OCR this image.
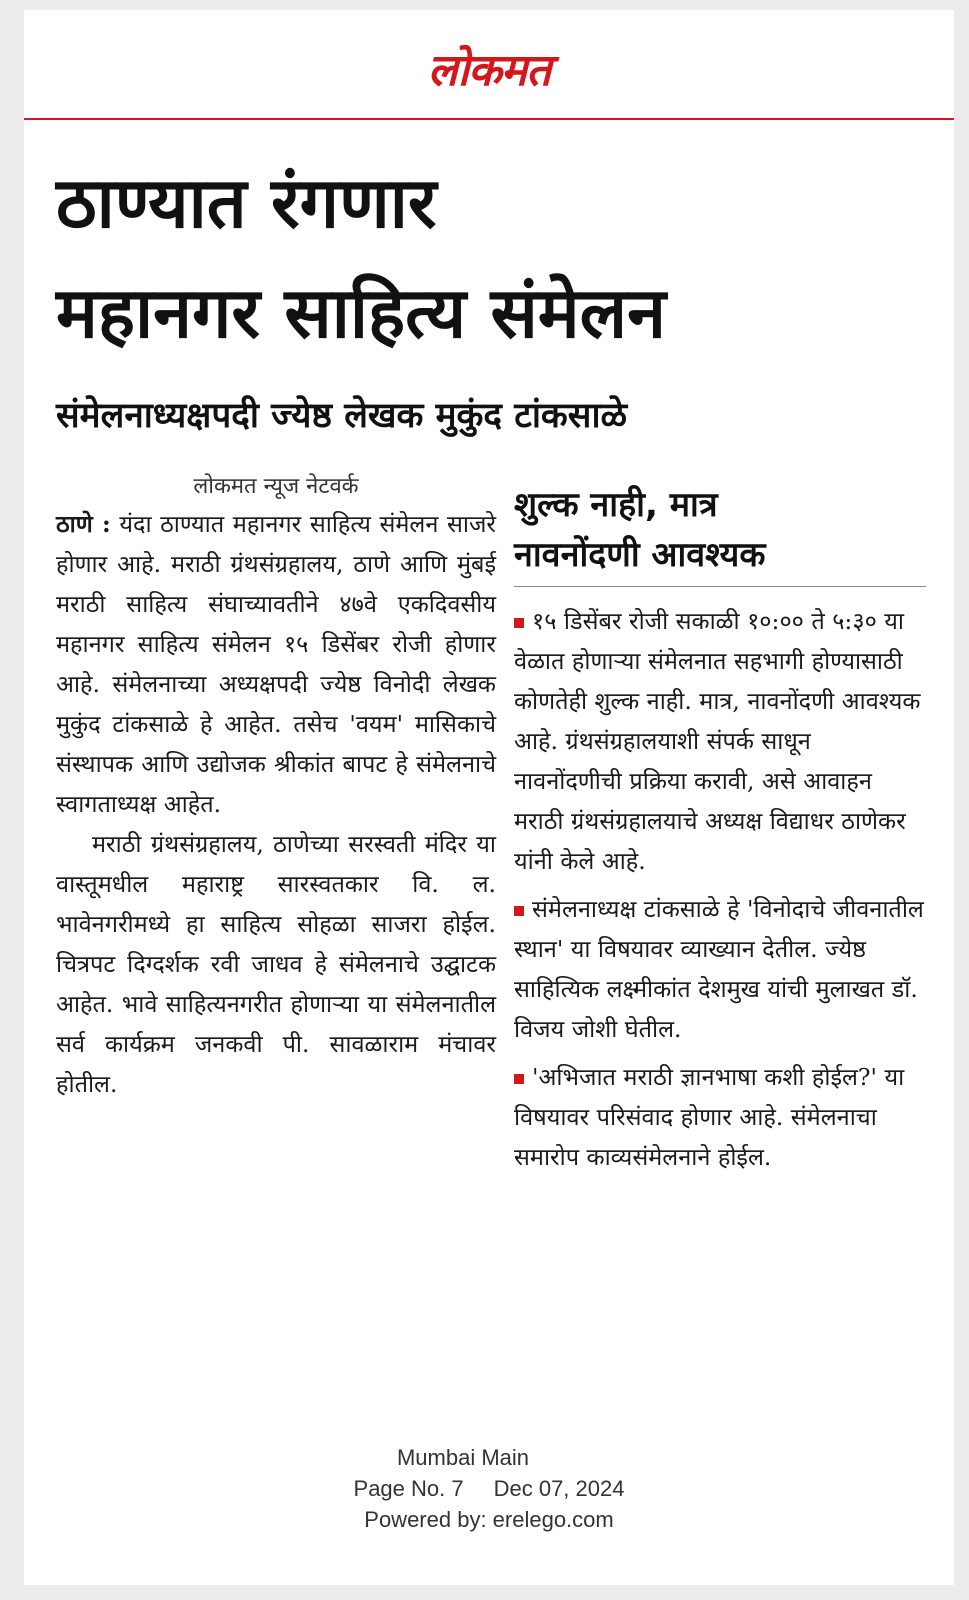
लोकमत
ठाण्यात रंगणार
महानगर साहित्य संमेलन
संमेलनाध्यक्षपदी ज्येष्ठ लेखक मुकुंद टांकसाळे
लोकमत न्यूज नेटवर्क

ठाणे : यंदा ठाण्यात महानगर साहित्य संमेलन साजरे होणार आहे. मराठी ग्रंथसंग्रहालय, ठाणे आणि मुंबई मराठी साहित्य संघाच्यावतीने ४७वे एकदिवसीय महानगर साहित्य संमेलन १५ डिसेंबर रोजी होणार आहे. संमेलनाच्या अध्यक्षपदी ज्येष्ठ विनोदी लेखक मुकुंद टांकसाळे हे आहेत. तसेच 'वयम' मासिकाचे संस्थापक आणि उद्योजक श्रीकांत बापट हे संमेलनाचे स्वागताध्यक्ष आहेत.

मराठी ग्रंथसंग्रहालय, ठाणेच्या सरस्वती मंदिर या वास्तूमधील महाराष्ट्र सारस्वतकार वि. ल. भावेनगरीमध्ये हा साहित्य सोहळा साजरा होईल. चित्रपट दिग्दर्शक रवी जाधव हे संमेलनाचे उद्घाटक आहेत. भावे साहित्यनगरीत होणाऱ्या या संमेलनातील सर्व कार्यक्रम जनकवी पी. सावळाराम मंचावर होतील.

शुल्क नाही, मात्र
नावनोंदणी आवश्यक
१५ डिसेंबर रोजी सकाळी १०:०० ते ५:३० या वेळात होणाऱ्या संमेलनात सहभागी होण्यासाठी कोणतेही शुल्क नाही. मात्र, नावनोंदणी आवश्यक आहे. ग्रंथसंग्रहालयाशी संपर्क साधून नावनोंदणीची प्रक्रिया करावी, असे आवाहन मराठी ग्रंथसंग्रहालयाचे अध्यक्ष विद्याधर ठाणेकर यांनी केले आहे.
संमेलनाध्यक्ष टांकसाळे हे 'विनोदाचे जीवनातील स्थान' या विषयावर व्याख्यान देतील. ज्येष्ठ साहित्यिक लक्ष्मीकांत देशमुख यांची मुलाखत डॉ. विजय जोशी घेतील.
'अभिजात मराठी ज्ञानभाषा कशी होईल?' या विषयावर परिसंवाद होणार आहे. संमेलनाचा समारोप काव्यसंमेलनाने होईल.
Mumbai Main
Page No. 7 Dec 07, 2024
Powered by: erelego.com
